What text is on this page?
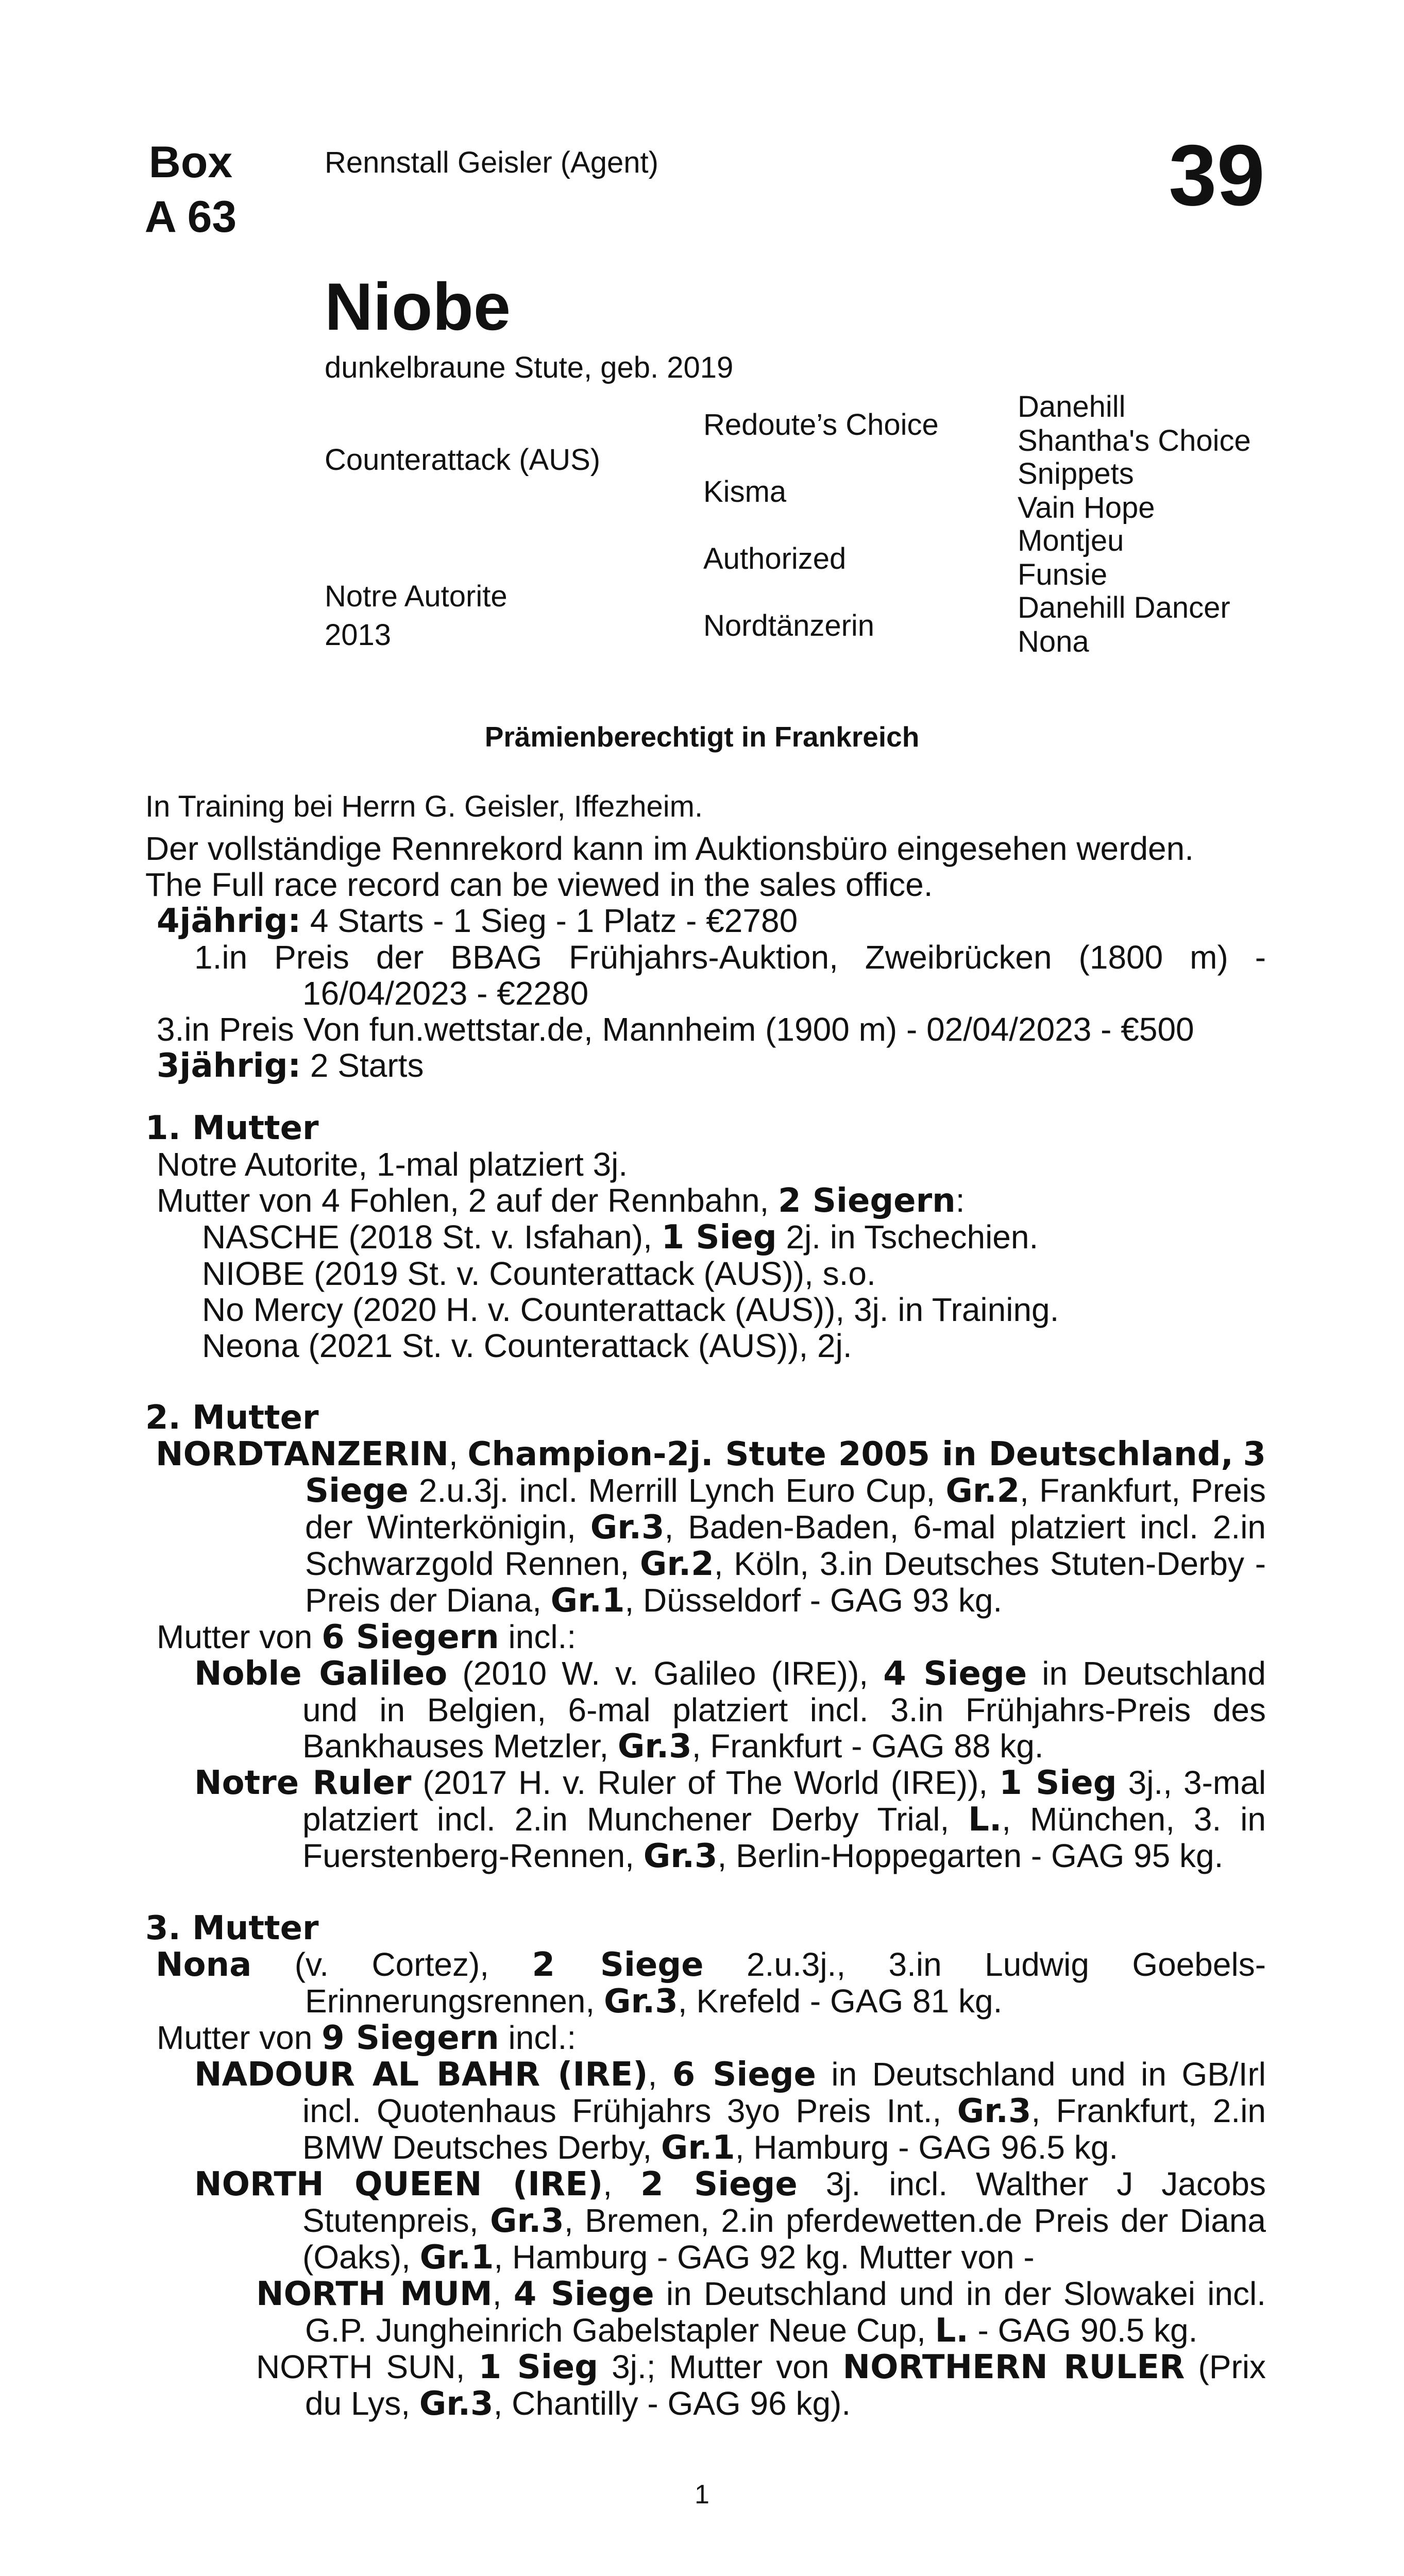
Box
A 63
Rennstall Geisler (Agent)	39
Niobe
dunkelbraune Stute, geb. 2019
Counterattack (AUS)
Notre Autorite
2013
Redoute’s Choice
Kisma
Authorized
Nordtänzerin
Danehill
Shantha's Choice
Snippets
Vain Hope
Montjeu
Funsie
Danehill Dancer
Nona
Prämienberechtigt in Frankreich
In Training bei Herrn G. Geisler, Iffezheim.

Der vollständige Rennrekord kann im Auktionsbüro eingesehen werden.

The Full race record can be viewed in the sales office.

4jährig: 4 Starts - 1 Sieg - 1 Platz - €2780

1.in Preis der BBAG Frühjahrs-Auktion, Zweibrücken (1800 m) - 16/04/2023 - €2280

3.in Preis Von fun.wettstar.de, Mannheim (1900 m) - 02/04/2023 - €500

3jährig: 2 Starts

1. Mutter

Notre Autorite, 1-mal platziert 3j.

Mutter von 4 Fohlen, 2 auf der Rennbahn, 2 Siegern:

NASCHE (2018 St. v. Isfahan), 1 Sieg 2j. in Tschechien.

NIOBE (2019 St. v. Counterattack (AUS)), s.o.

No Mercy (2020 H. v. Counterattack (AUS)), 3j. in Training.

Neona (2021 St. v. Counterattack (AUS)), 2j.

2. Mutter

NORDTANZERIN, Champion-2j. Stute 2005 in Deutschland, 3 Siege 2.u.3j. incl. Merrill Lynch Euro Cup, Gr.2, Frankfurt, Preis der Winterkönigin, Gr.3, Baden-Baden, 6-mal platziert incl. 2.in Schwarzgold Rennen, Gr.2, Köln, 3.in Deutsches Stuten-Derby - Preis der Diana, Gr.1, Düsseldorf - GAG 93 kg.

Mutter von 6 Siegern incl.:

Noble Galileo (2010 W. v. Galileo (IRE)), 4 Siege in Deutschland und in Belgien, 6-mal platziert incl. 3.in Frühjahrs-Preis des Bankhauses Metzler, Gr.3, Frankfurt - GAG 88 kg.

Notre Ruler (2017 H. v. Ruler of The World (IRE)), 1 Sieg 3j., 3-mal platziert incl. 2.in Munchener Derby Trial, L., München, 3. in Fuerstenberg-Rennen, Gr.3, Berlin-Hoppegarten - GAG 95 kg.

3. Mutter

Nona (v. Cortez), 2 Siege 2.u.3j., 3.in Ludwig Goebels-Erinnerungsrennen, Gr.3, Krefeld - GAG 81 kg.

Mutter von 9 Siegern incl.:

NADOUR AL BAHR (IRE), 6 Siege in Deutschland und in GB/Irl incl. Quotenhaus Frühjahrs 3yo Preis Int., Gr.3, Frankfurt, 2.in BMW Deutsches Derby, Gr.1, Hamburg - GAG 96.5 kg.

NORTH QUEEN (IRE), 2 Siege 3j. incl. Walther J Jacobs Stutenpreis, Gr.3, Bremen, 2.in pferdewetten.de Preis der Diana (Oaks), Gr.1, Hamburg - GAG 92 kg. Mutter von -

NORTH MUM, 4 Siege in Deutschland und in der Slowakei incl. G.P. Jungheinrich Gabelstapler Neue Cup, L. - GAG 90.5 kg.

NORTH SUN, 1 Sieg 3j.; Mutter von NORTHERN RULER (Prix du Lys, Gr.3, Chantilly - GAG 96 kg).

1
